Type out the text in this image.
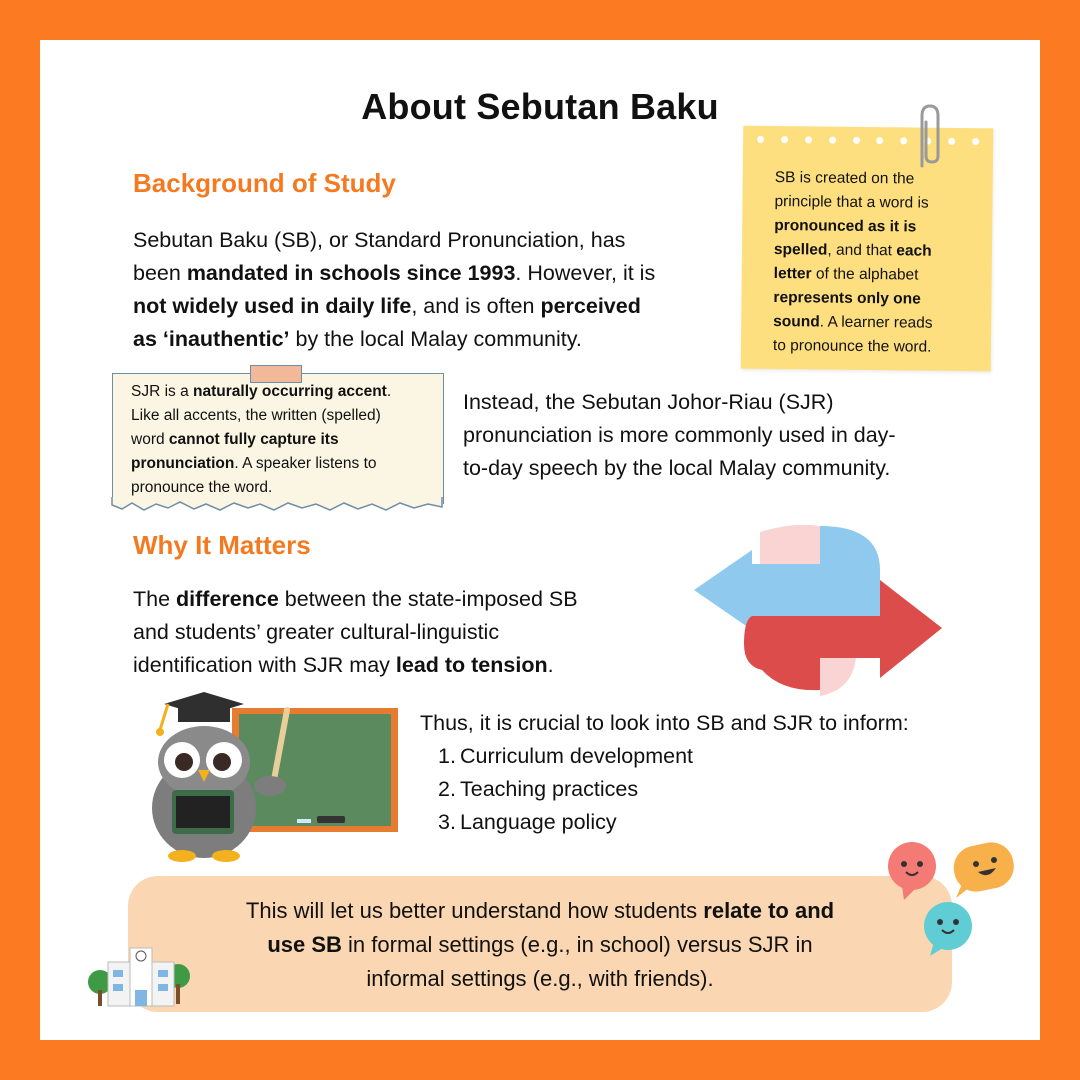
About Sebutan Baku
Background of Study
Sebutan Baku (SB), or Standard Pronunciation, has
been mandated in schools since 1993. However, it is
not widely used in daily life, and is often perceived
as ‘inauthentic’ by the local Malay community.
SB is created on the
principle that a word is
pronounced as it is
spelled, and that each
letter of the alphabet
represents only one
sound. A learner reads
to pronounce the word.
SJR is a naturally occurring accent.
Like all accents, the written (spelled)
word cannot fully capture its
pronunciation. A speaker listens to
pronounce the word.
Instead, the Sebutan Johor-Riau (SJR)
pronunciation is more commonly used in day-
to-day speech by the local Malay community.
Why It Matters
The difference between the state-imposed SB
and students’ greater cultural-linguistic
identification with SJR may lead to tension.
Thus, it is crucial to look into SB and SJR to inform:
1. Curriculum development
2. Teaching practices
3. Language policy
This will let us better understand how students relate to and
use SB in formal settings (e.g., in school) versus SJR in
informal settings (e.g., with friends).
